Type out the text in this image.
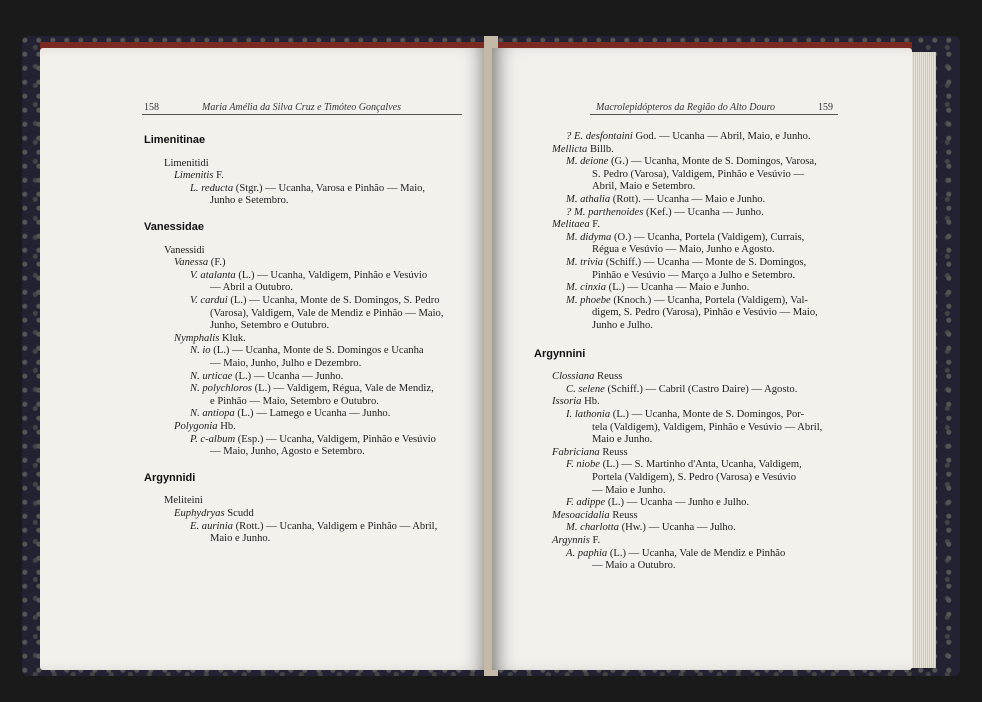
158	Maria Amélia da Silva Cruz e Timóteo Gonçalves
Limenitinae
Limenitidi
Limenitis F.
L. reducta (Stgr.) — Ucanha, Varosa e Pinhão — Maio,
Junho e Setembro.
Vanessidae
Vanessidi
Vanessa (F.)
V. atalanta (L.) — Ucanha, Valdigem, Pinhão e Vesúvio
— Abril a Outubro.
V. cardui (L.) — Ucanha, Monte de S. Domingos, S. Pedro
(Varosa), Valdigem, Vale de Mendiz e Pinhão — Maio,
Junho, Setembro e Outubro.
Nymphalis Kluk.
N. io (L.) — Ucanha, Monte de S. Domingos e Ucanha
— Maio, Junho, Julho e Dezembro.
N. urticae (L.) — Ucanha — Junho.
N. polychloros (L.) — Valdigem, Régua, Vale de Mendiz,
e Pinhão — Maio, Setembro e Outubro.
N. antiopa (L.) — Lamego e Ucanha — Junho.
Polygonia Hb.
P. c-album (Esp.) — Ucanha, Valdigem, Pinhão e Vesúvio
— Maio, Junho, Agosto e Setembro.
Argynnidi
Meliteini
Euphydryas Scudd
E. aurinia (Rott.) — Ucanha, Valdigem e Pinhão — Abril,
Maio e Junho.
Macrolepidópteros da Região do Alto Douro	159
? E. desfontaini God. — Ucanha — Abril, Maio, e Junho.
Mellicta Billb.
M. deione (G.) — Ucanha, Monte de S. Domingos, Varosa,
S. Pedro (Varosa), Valdigem, Pinhão e Vesúvio —
Abril, Maio e Setembro.
M. athalia (Rott). — Ucanha — Maio e Junho.
? M. parthenoides (Kef.) — Ucanha — Junho.
Melitaea F.
M. didyma (O.) — Ucanha, Portela (Valdigem), Currais,
Régua e Vesúvio — Maio, Junho e Agosto.
M. trivia (Schiff.) — Ucanha — Monte de S. Domingos,
Pinhão e Vesúvio — Março a Julho e Setembro.
M. cinxia (L.) — Ucanha — Maio e Junho.
M. phoebe (Knoch.) — Ucanha, Portela (Valdigem), Val-
digem, S. Pedro (Varosa), Pinhão e Vesúvio — Maio,
Junho e Julho.
Argynnini
Clossiana Reuss
C. selene (Schiff.) — Cabril (Castro Daire) — Agosto.
Issoria Hb.
I. lathonia (L.) — Ucanha, Monte de S. Domingos, Por-
tela (Valdigem), Valdigem, Pinhão e Vesúvio — Abril,
Maio e Junho.
Fabriciana Reuss
F. niobe (L.) — S. Martinho d'Anta, Ucanha, Valdigem,
Portela (Valdigem), S. Pedro (Varosa) e Vesúvio
— Maio e Junho.
F. adippe (L.) — Ucanha — Junho e Julho.
Mesoacidalia Reuss
M. charlotta (Hw.) — Ucanha — Julho.
Argynnis F.
A. paphia (L.) — Ucanha, Vale de Mendiz e Pinhão
— Maio a Outubro.
